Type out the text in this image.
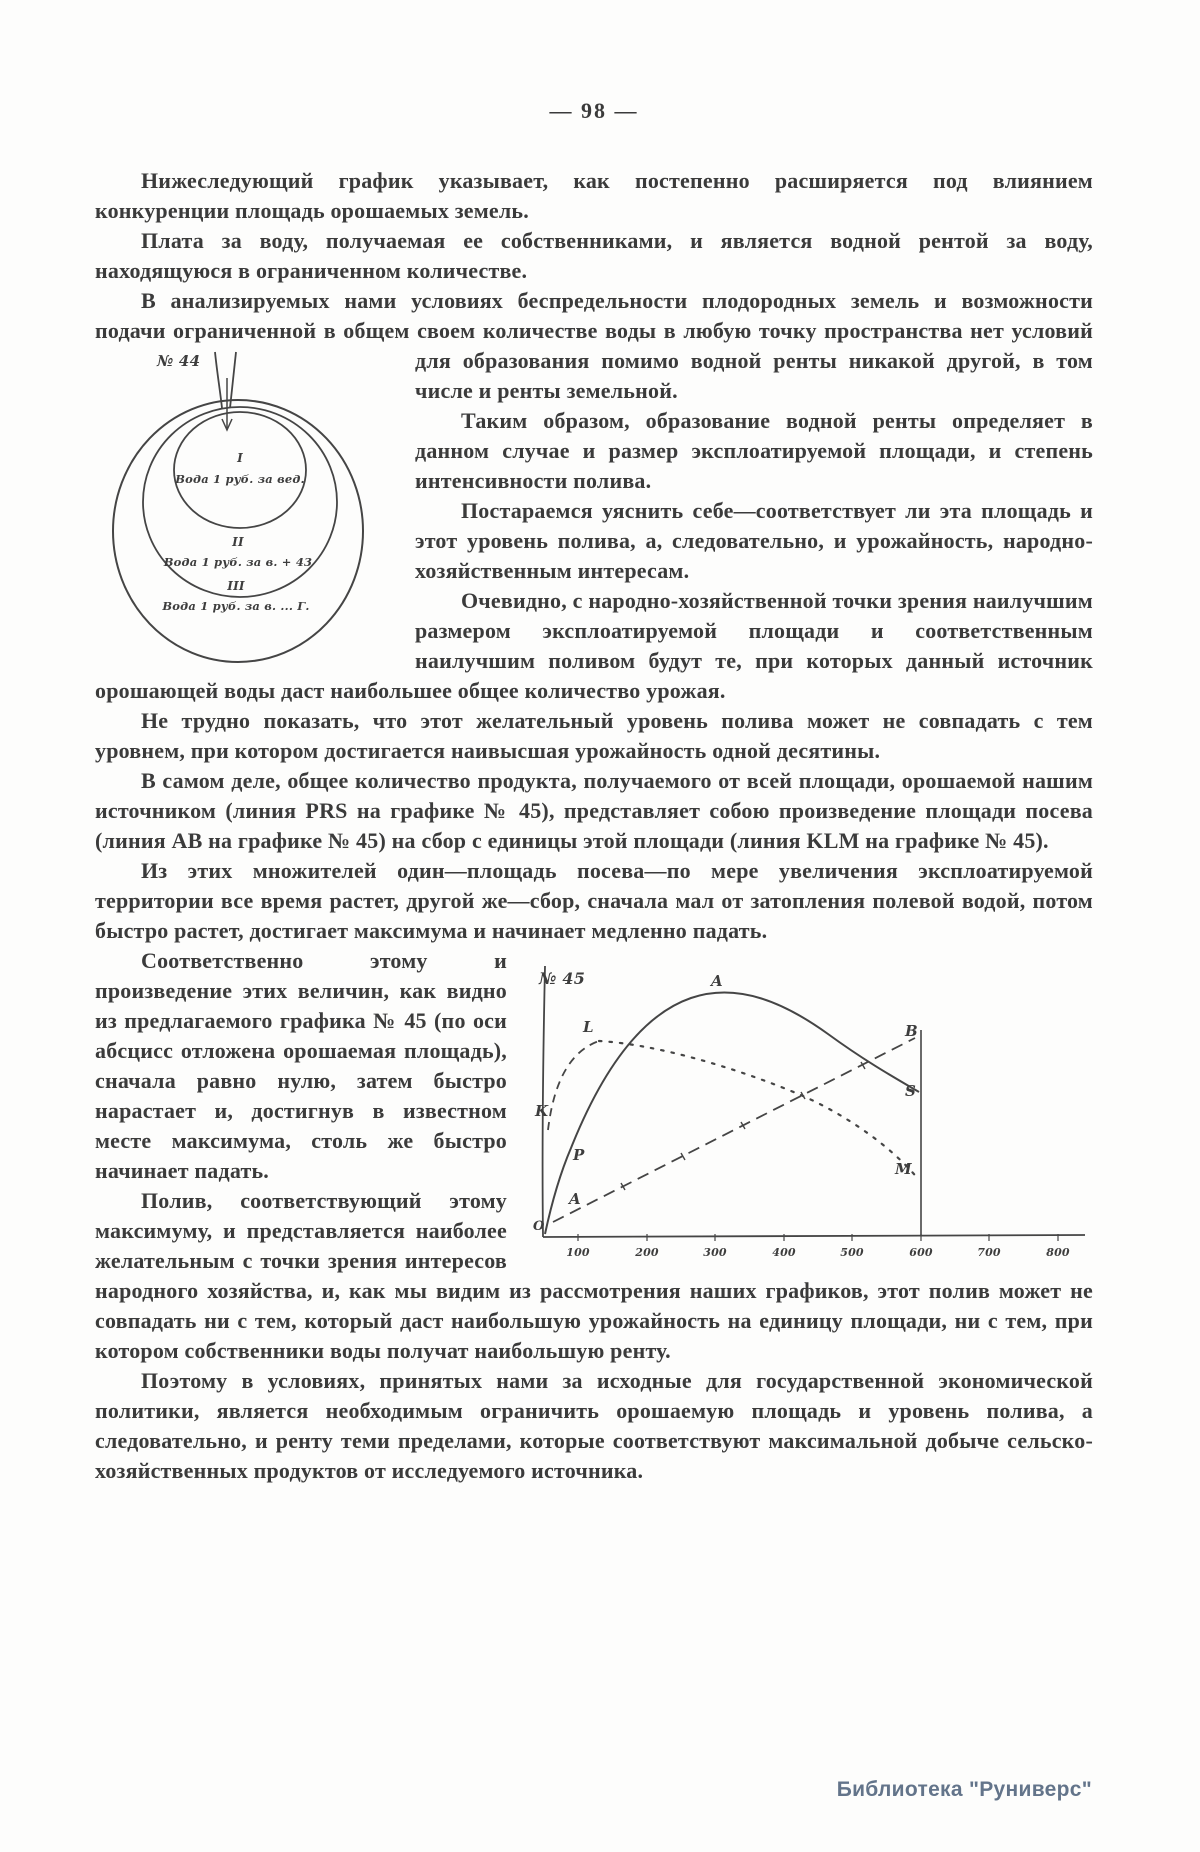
— 98 —
Нижеследующий график указывает, как постепенно расширяется под влиянием конкуренции площадь орошаемых земель.
Плата за воду, получаемая ее собственниками, и является водной рентой за воду, находящуюся в ограниченном количестве.
В анализируемых нами условиях беспредельности плодородных земель и возможности подачи ограниченной в общем своем количестве воды в любую точку пространства
№ 44
I
Вода 1 руб. за вед.
II
Вода 1 руб. за в. + 43
III
Вода 1 руб. за в. ... Г.
нет условий для образования помимо водной ренты никакой другой, в том числе и ренты земельной.
Таким образом, образование водной ренты определяет в данном случае и размер эксплоатируемой площади, и степень интенсивности полива.
Постараемся уяснить себе—соответствует ли эта площадь и этот уровень полива, а, следовательно, и урожайность, народно-хозяйственным интересам.
Очевидно, с народно-хозяйственной точки зрения наилучшим размером эксплоатируемой площади и соответственным наилучшим поливом будут те, при которых данный источник орошающей воды даст наибольшее общее количество урожая.
Не трудно показать, что этот желательный уровень полива может не совпадать с тем уровнем, при котором достигается наивысшая урожайность одной десятины.
В самом деле, общее количество продукта, получаемого от всей площади, орошаемой нашим источником (линия PRS на графике № 45), представляет собою произведение площади посева (линия AB на графике № 45) на сбор с единицы этой площади (линия KLM на графике № 45).
Из этих множителей один—площадь посева—по мере увеличения эксплоатируемой территории все время растет, другой же—сбор, сначала мал от затопления полевой водой, потом быстро растет, достигает максимума и начинает медленно падать.
№ 45	A
L	B
S
K
P
A
M
O
100	200	300	400	500	600	700	800
Соответственно этому и произведение этих величин, как видно из предлагаемого графика № 45 (по оси абсцисс отложена орошаемая площадь), сначала равно нулю, затем быстро нарастает и, достигнув в известном месте максимума, столь же быстро начинает падать.
Полив, соответствующий этому максимуму, и представляется наиболее желательным с точки зрения интересов народного хозяйства, и, как мы видим из рассмотрения наших графиков, этот полив может не совпадать ни с тем, который даст наибольшую урожайность на единицу площади, ни с тем, при котором собственники воды получат наибольшую ренту.
Поэтому в условиях, принятых нами за исходные для государственной экономической политики, является необходимым ограничить орошаемую площадь и уровень полива, а следовательно, и ренту теми пределами, которые соответствуют максимальной добыче сельско-хозяйственных продуктов от исследуемого источника.
Библиотека "Руниверс"
